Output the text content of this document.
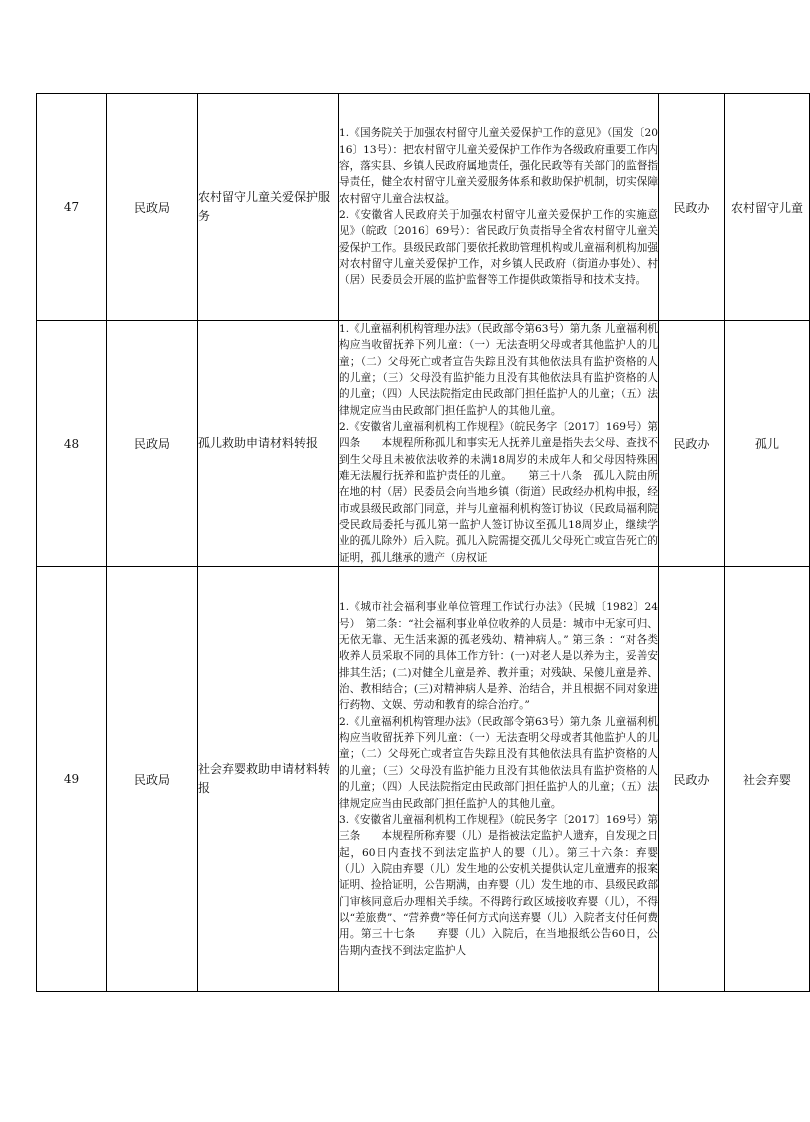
47	民政局	农村留守儿童关爱保护服务	1.《国务院关于加强农村留守儿童关爱保护工作的意见》（国发〔2016〕13号）：把农村留守儿童关爱保护工作作为各级政府重要工作内容，落实县、乡镇人民政府属地责任，强化民政等有关部门的监督指导责任，健全农村留守儿童关爱服务体系和救助保护机制，切实保障农村留守儿童合法权益。
2.《安徽省人民政府关于加强农村留守儿童关爱保护工作的实施意见》（皖政〔2016〕69号）：省民政厅负责指导全省农村留守儿童关爱保护工作。县级民政部门要依托救助管理机构或儿童福利机构加强对农村留守儿童关爱保护工作，对乡镇人民政府（街道办事处）、村（居）民委员会开展的监护监督等工作提供政策指导和技术支持。	民政办	农村留守儿童
48	民政局	孤儿救助申请材料转报	1.《儿童福利机构管理办法》（民政部令第63号）第九条 儿童福利机构应当收留抚养下列儿童：（一）无法查明父母或者其他监护人的儿童；（二）父母死亡或者宣告失踪且没有其他依法具有监护资格的人的儿童；（三）父母没有监护能力且没有其他依法具有监护资格的人的儿童；（四）人民法院指定由民政部门担任监护人的儿童；（五）法律规定应当由民政部门担任监护人的其他儿童。
2.《安徽省儿童福利机构工作规程》（皖民务字〔2017〕169号）第四条　　本规程所称孤儿和事实无人抚养儿童是指失去父母、查找不到生父母且未被依法收养的未满18周岁的未成年人和父母因特殊困难无法履行抚养和监护责任的儿童。　　第三十八条　孤儿入院由所在地的村（居）民委员会向当地乡镇（街道）民政经办机构申报，经市或县级民政部门同意，并与儿童福利机构签订协议（民政局福利院受民政局委托与孤儿第一监护人签订协议至孤儿18周岁止，继续学业的孤儿除外）后入院。孤儿入院需提交孤儿父母死亡或宣告死亡的证明，孤儿继承的遗产（房权证	民政办	孤儿
49	民政局	社会弃婴救助申请材料转报	1.《城市社会福利事业单位管理工作试行办法》（民城〔1982〕24号）　第二条：“社会福利事业单位收养的人员是：城市中无家可归、无依无靠、无生活来源的孤老残幼、精神病人。” 第三条 ：“对各类收养人员采取不同的具体工作方针：(一)对老人是以养为主，妥善安排其生活；(二)对健全儿童是养、教并重；对残缺、呆傻儿童是养、治、教相结合；(三)对精神病人是养、治结合，并且根据不同对象进行药物、文娱、劳动和教育的综合治疗。”
2.《儿童福利机构管理办法》（民政部令第63号）第九条 儿童福利机构应当收留抚养下列儿童：（一）无法查明父母或者其他监护人的儿童；（二）父母死亡或者宣告失踪且没有其他依法具有监护资格的人的儿童；（三）父母没有监护能力且没有其他依法具有监护资格的人的儿童；（四）人民法院指定由民政部门担任监护人的儿童；（五）法律规定应当由民政部门担任监护人的其他儿童。
3.《安徽省儿童福利机构工作规程》（皖民务字〔2017〕169号）第三条　　本规程所称弃婴（儿）是指被法定监护人遗弃，自发现之日起，60日内查找不到法定监护人的婴（儿）。第三十六条：弃婴（儿）入院由弃婴（儿）发生地的公安机关提供认定儿童遭弃的报案证明、捡拾证明，公告期满，由弃婴（儿）发生地的市、县级民政部门审核同意后办理相关手续。不得跨行政区域接收弃婴（儿），不得以“差旅费”、“营养费”等任何方式向送弃婴（儿）入院者支付任何费用。第三十七条　　弃婴（儿）入院后，在当地报纸公告60日，公告期内查找不到法定监护人	民政办	社会弃婴
